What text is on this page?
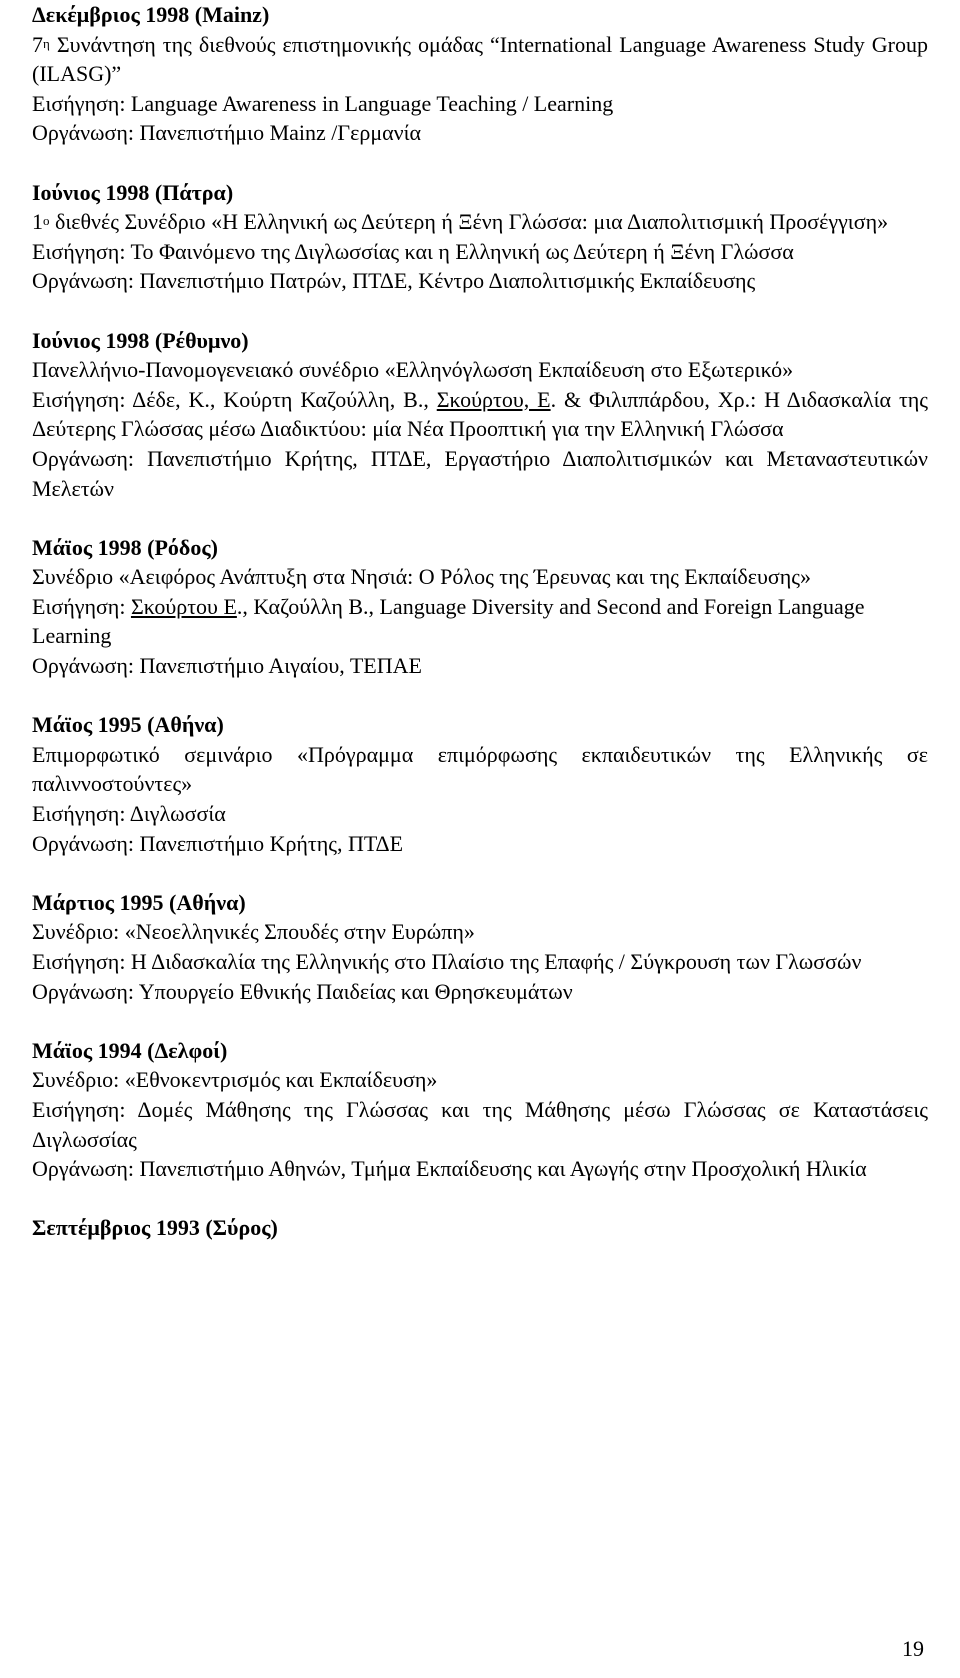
Δεκέμβριος 1998 (Mainz)
$7^\eta$ Συνάντηση της διεθνούς επιστημονικής ομάδας “International Language Awareness Study Group (ILASG)”
Εισήγηση: Language Awareness in Language Teaching / Learning
Οργάνωση: Πανεπιστήμιο Mainz /Γερμανία
Ιούνιος 1998 (Πάτρα)
$1^o$ διεθνές Συνέδριο «Η Ελληνική ως Δεύτερη ή Ξένη Γλώσσα: μια Διαπολιτισμική Προσέγγιση»
Εισήγηση: Το Φαινόμενο της Διγλωσσίας και η Ελληνική ως Δεύτερη ή Ξένη Γλώσσα
Οργάνωση: Πανεπιστήμιο Πατρών, ΠΤΔΕ, Κέντρο Διαπολιτισμικής Εκπαίδευσης
Ιούνιος 1998 (Ρέθυμνο)
Πανελλήνιο-Πανομογενειακό συνέδριο «Ελληνόγλωσση Εκπαίδευση στο Εξωτερικό»
Εισήγηση: Δέδε, Κ., Κούρτη Καζούλλη, Β., Σκούρτου, Ε. & Φιλιππάρδου, Χρ.: Η Διδασκαλία της Δεύτερης Γλώσσας μέσω Διαδικτύου: μία Νέα Προοπτική για την Ελληνική Γλώσσα
Οργάνωση: Πανεπιστήμιο Κρήτης, ΠΤΔΕ, Εργαστήριο Διαπολιτισμικών και Μεταναστευτικών Μελετών
Μάϊος 1998 (Ρόδος)
Συνέδριο «Αειφόρος Ανάπτυξη στα Νησιά: Ο Ρόλος της Έρευνας και της Εκπαίδευσης»
Εισήγηση: Σκούρτου Ε., Καζούλλη Β., Language Diversity and Second and Foreign Language Learning
Οργάνωση: Πανεπιστήμιο Αιγαίου, ΤΕΠΑΕ
Μάϊος 1995 (Αθήνα)
Επιμορφωτικό σεμινάριο «Πρόγραμμα επιμόρφωσης εκπαιδευτικών της Ελληνικής σε παλιννοστούντες»
Εισήγηση: Διγλωσσία
Οργάνωση: Πανεπιστήμιο Κρήτης, ΠΤΔΕ
Μάρτιος 1995 (Αθήνα)
Συνέδριο: «Νεοελληνικές Σπουδές στην Ευρώπη»
Εισήγηση: Η Διδασκαλία της Ελληνικής στο Πλαίσιο της Επαφής / Σύγκρουση των Γλωσσών
Οργάνωση: Υπουργείο Εθνικής Παιδείας και Θρησκευμάτων
Μάϊος 1994 (Δελφοί)
Συνέδριο: «Εθνοκεντρισμός και Εκπαίδευση»
Εισήγηση: Δομές Μάθησης της Γλώσσας και της Μάθησης μέσω Γλώσσας σε Καταστάσεις Διγλωσσίας
Οργάνωση: Πανεπιστήμιο Αθηνών, Τμήμα Εκπαίδευσης και Αγωγής στην Προσχολική Ηλικία
Σεπτέμβριος 1993 (Σύρος)
19
